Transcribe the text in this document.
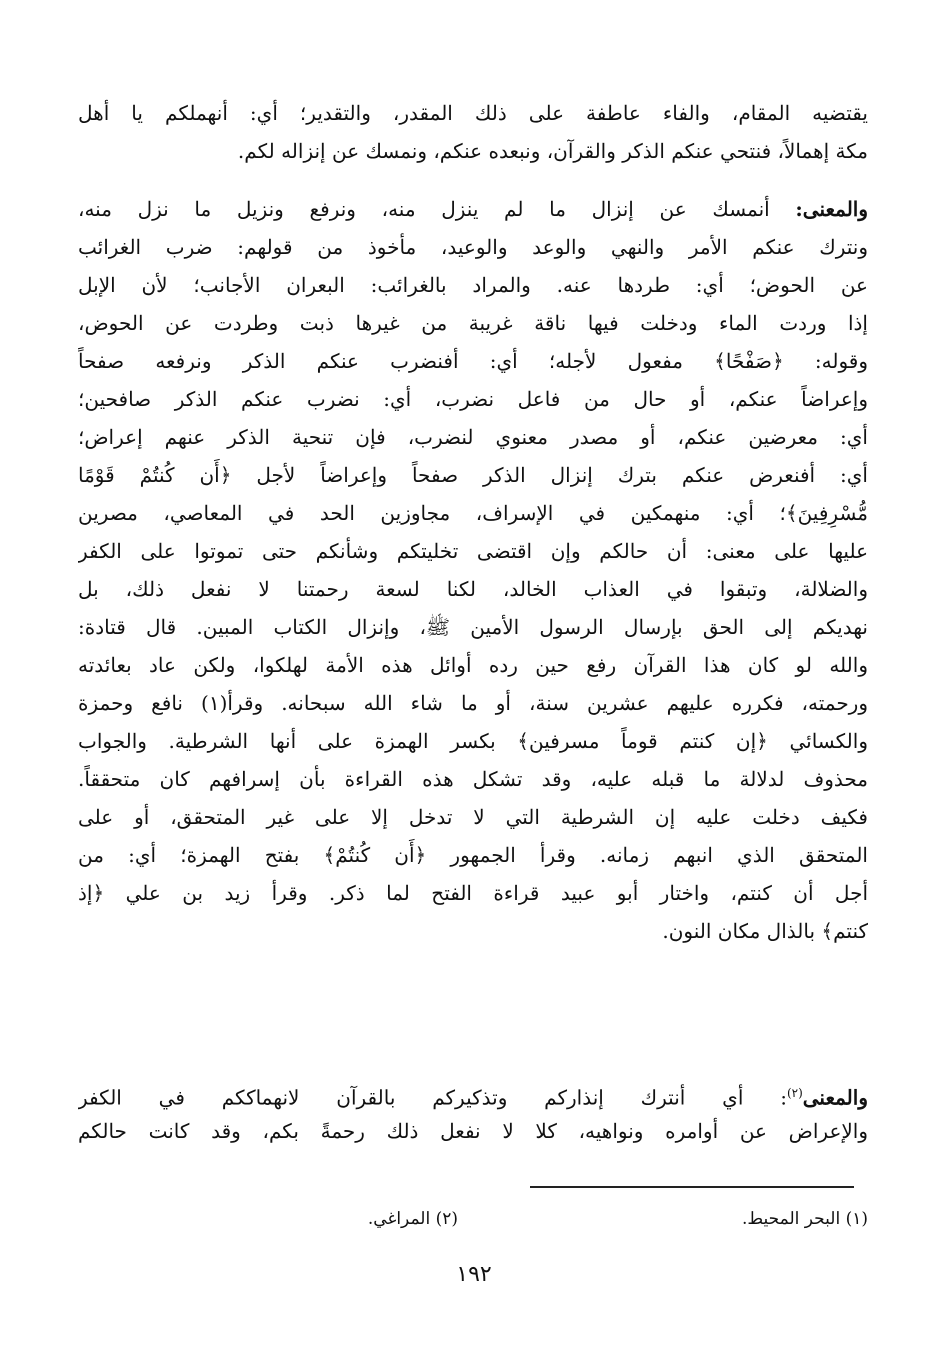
يقتضيه المقام، والفاء عاطفة على ذلك المقدر، والتقدير؛ أي: أنهملكم يا أهل
مكة إهمالاً، فنتحي عنكم الذكر والقرآن، ونبعده عنكم، ونمسك عن إنزاله لكم.
والمعنى: أنمسك عن إنزال ما لم ينزل منه، ونرفع ونزيل ما نزل منه،
ونترك عنكم الأمر والنهي والوعد والوعيد، مأخوذ من قولهم: ضرب الغرائب
عن الحوض؛ أي: طردها عنه. والمراد بالغرائب: البعران الأجانب؛ لأن الإبل
إذا وردت الماء ودخلت فيها ناقة غريبة من غيرها ذبت وطردت عن الحوض،
وقوله: ﴿صَفْحًا﴾ مفعول لأجله؛ أي: أفنضرب عنكم الذكر ونرفعه صفحاً
وإعراضاً عنكم، أو حال من فاعل نضرب، أي: نضرب عنكم الذكر صافحين؛
أي: معرضين عنكم، أو مصدر معنوي لنضرب، فإن تنحية الذكر عنهم إعراض؛
أي: أفنعرض عنكم بترك إنزال الذكر صفحاً وإعراضاً لأجل ﴿أَن كُنتُمْ قَوْمًا
مُّسْرِفِينَ﴾؛ أي: منهمكين في الإسراف، مجاوزين الحد في المعاصي، مصرين
عليها على معنى: أن حالكم وإن اقتضى تخليتكم وشأنكم حتى تموتوا على الكفر
والضلالة، وتبقوا في العذاب الخالد، لكنا لسعة رحمتنا لا نفعل ذلك، بل
نهديكم إلى الحق بإرسال الرسول الأمين ﷺ، وإنزال الكتاب المبين. قال قتادة:
والله لو كان هذا القرآن رفع حين رده أوائل هذه الأمة لهلكوا، ولكن عاد بعائدته
ورحمته، فكرره عليهم عشرين سنة، أو ما شاء الله سبحانه. وقرأ(١) نافع وحمزة
والكسائي ﴿إن كنتم قوماً مسرفين﴾ بكسر الهمزة على أنها الشرطية. والجواب
محذوف لدلالة ما قبله عليه، وقد تشكل هذه القراءة بأن إسرافهم كان متحققاً.
فكيف دخلت عليه إن الشرطية التي لا تدخل إلا على غير المتحقق، أو على
المتحقق الذي انبهم زمانه. وقرأ الجمهور ﴿أَن كُنتُمْ﴾ بفتح الهمزة؛ أي: من
أجل أن كنتم، واختار أبو عبيد قراءة الفتح لما ذكر. وقرأ زيد بن علي ﴿إذ
كنتم﴾ بالذال مكان النون.
والمعنى$^{(٢)}$: أي أنترك إنذاركم وتذكيركم بالقرآن لانهماككم في الكفر
والإعراض عن أوامره ونواهيه، كلا لا نفعل ذلك رحمةً بكم، وقد كانت حالكم
(١) البحر المحيط.
(٢) المراغي.
١٩٢
